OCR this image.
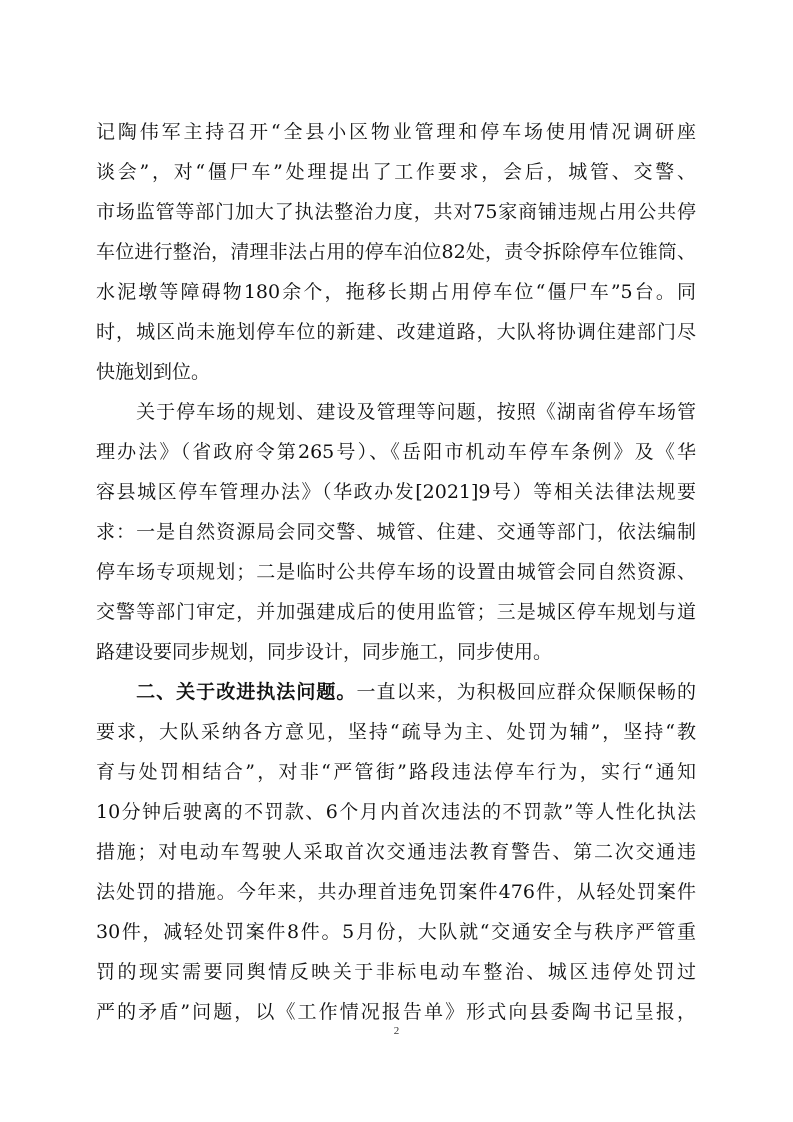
记陶伟军主持召开“全县小区物业管理和停车场使用情况调研座
谈会”，对“僵尸车”处理提出了工作要求，会后，城管、交警、
市场监管等部门加大了执法整治力度，共对75家商铺违规占用公共停
车位进行整治，清理非法占用的停车泊位82处，责令拆除停车位锥筒、
水泥墩等障碍物180余个，拖移长期占用停车位“僵尸车”5台。同
时，城区尚未施划停车位的新建、改建道路，大队将协调住建部门尽
快施划到位。
　　关于停车场的规划、建设及管理等问题，按照《湖南省停车场管
理办法》（省政府令第265号）、《岳阳市机动车停车条例》及《华
容县城区停车管理办法》（华政办发[2021]9号）等相关法律法规要
求：一是自然资源局会同交警、城管、住建、交通等部门，依法编制
停车场专项规划；二是临时公共停车场的设置由城管会同自然资源、
交警等部门审定，并加强建成后的使用监管；三是城区停车规划与道
路建设要同步规划，同步设计，同步施工，同步使用。
　　二、关于改进执法问题。一直以来，为积极回应群众保顺保畅的
要求，大队采纳各方意见，坚持“疏导为主、处罚为辅”，坚持“教
育与处罚相结合”，对非“严管街”路段违法停车行为，实行“通知
10分钟后驶离的不罚款、6个月内首次违法的不罚款”等人性化执法
措施；对电动车驾驶人采取首次交通违法教育警告、第二次交通违
法处罚的措施。今年来，共办理首违免罚案件476件，从轻处罚案件
30件，减轻处罚案件8件。5月份，大队就“交通安全与秩序严管重
罚的现实需要同舆情反映关于非标电动车整治、城区违停处罚过
严的矛盾”问题，以《工作情况报告单》形式向县委陶书记呈报，
2
